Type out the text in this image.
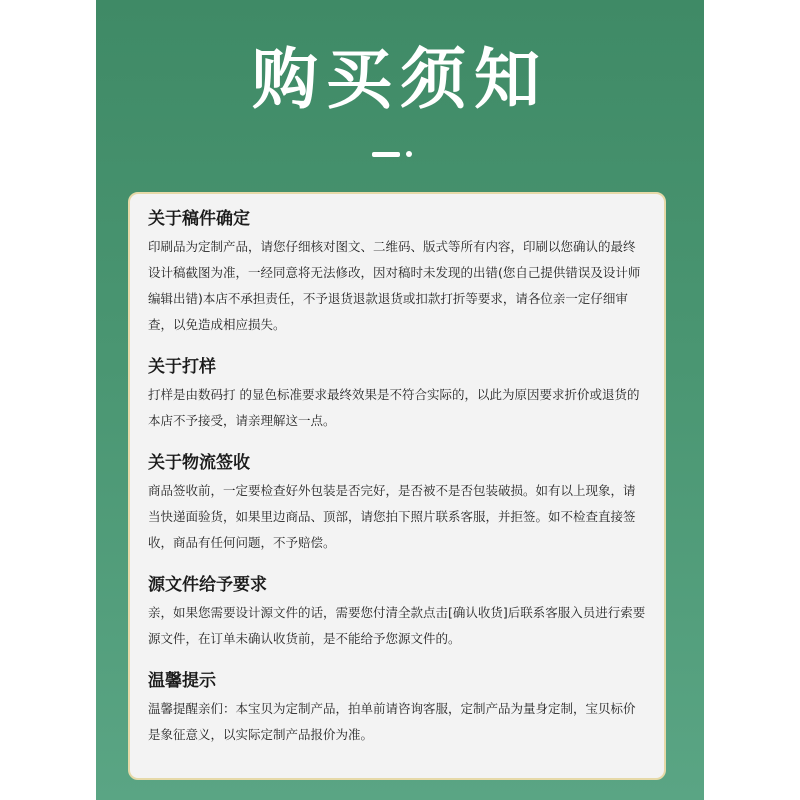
购买须知
关于稿件确定

印刷品为定制产品，请您仔细核对图文、二维码、版式等所有内容，印刷以您确认的最终设计稿截图为准，一经同意将无法修改，因对稿时未发现的出错(您自己提供错误及设计师编辑出错)本店不承担责任，不予退货退款退货或扣款打折等要求，请各位亲一定仔细审查，以免造成相应损失。

关于打样

打样是由数码打 的显色标准要求最终效果是不符合实际的，以此为原因要求折价或退货的本店不予接受，请亲理解这一点。

关于物流签收

商品签收前，一定要检查好外包装是否完好，是否被不是否包装破损。如有以上现象，请当快递面验货，如果里边商品、顶部，请您拍下照片联系客服，并拒签。如不检查直接签收，商品有任何问题，不予赔偿。

源文件给予要求

亲，如果您需要设计源文件的话，需要您付清全款点击[确认收货]后联系客服入员进行索要源文件，在订单未确认收货前，是不能给予您源文件的。

温馨提示

温馨提醒亲们：本宝贝为定制产品，拍单前请咨询客服，定制产品为量身定制，宝贝标价是象征意义，以实际定制产品报价为准。
